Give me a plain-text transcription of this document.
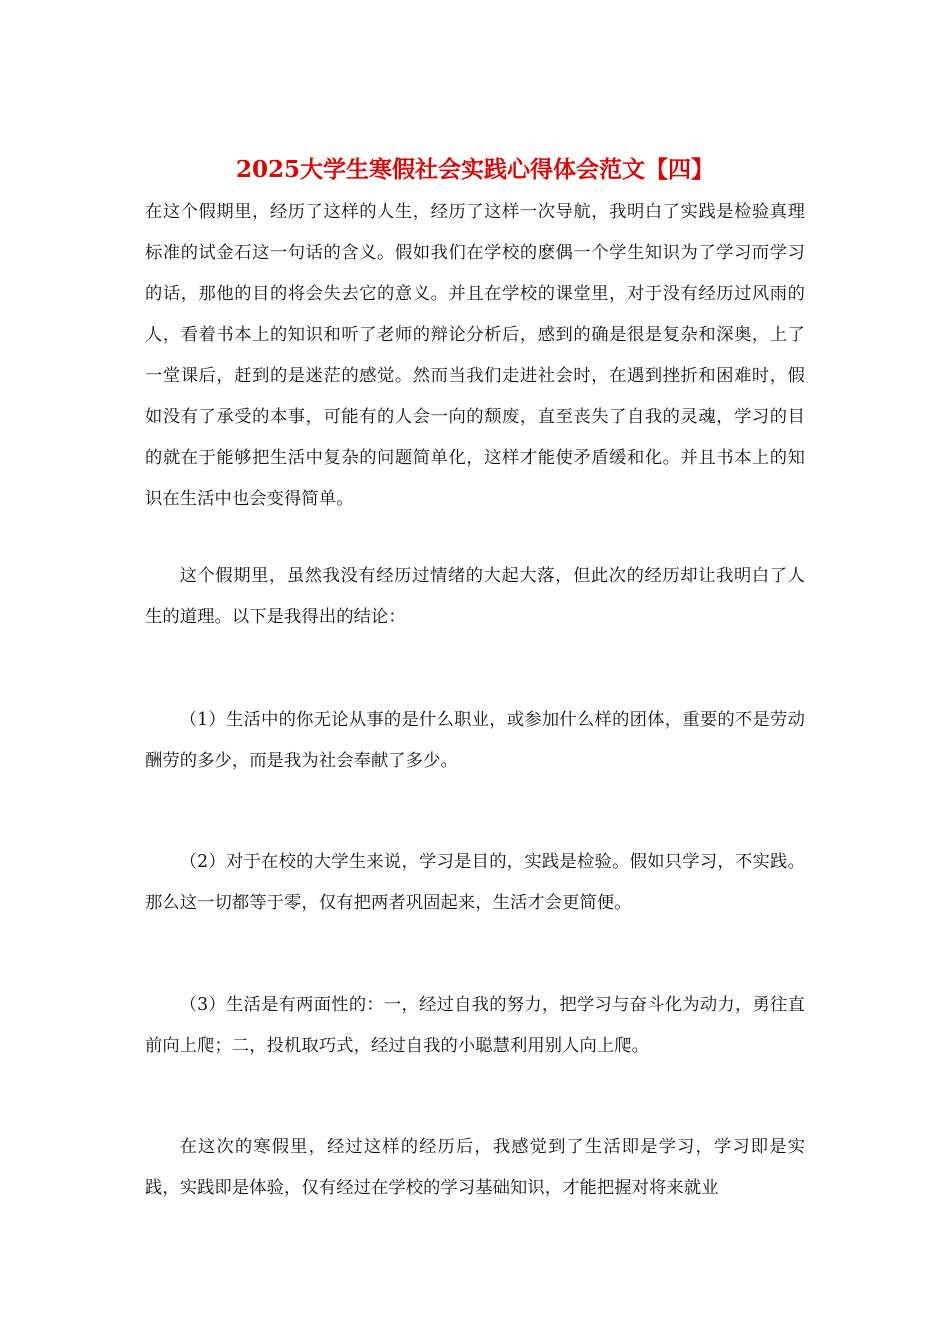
2025大学生寒假社会实践心得体会范文【四】

在这个假期里，经历了这样的人生，经历了这样一次导航，我明白了实践是检验真理标准的试金石这一句话的含义。假如我们在学校的麽偶一个学生知识为了学习而学习的话，那他的目的将会失去它的意义。并且在学校的课堂里，对于没有经历过风雨的人，看着书本上的知识和听了老师的辩论分析后，感到的确是很是复杂和深奥，上了一堂课后，赶到的是迷茫的感觉。然而当我们走进社会时，在遇到挫折和困难时，假如没有了承受的本事，可能有的人会一向的颓废，直至丧失了自我的灵魂，学习的目的就在于能够把生活中复杂的问题简单化，这样才能使矛盾缓和化。并且书本上的知识在生活中也会变得简单。

这个假期里，虽然我没有经历过情绪的大起大落，但此次的经历却让我明白了人生的道理。以下是我得出的结论：

（1）生活中的你无论从事的是什么职业，或参加什么样的团体，重要的不是劳动酬劳的多少，而是我为社会奉献了多少。

（2）对于在校的大学生来说，学习是目的，实践是检验。假如只学习，不实践。那么这一切都等于零，仅有把两者巩固起来，生活才会更简便。

（3）生活是有两面性的：一，经过自我的努力，把学习与奋斗化为动力，勇往直前向上爬；二，投机取巧式，经过自我的小聪慧利用别人向上爬。

在这次的寒假里，经过这样的经历后，我感觉到了生活即是学习，学习即是实践，实践即是体验，仅有经过在学校的学习基础知识，才能把握对将来就业
